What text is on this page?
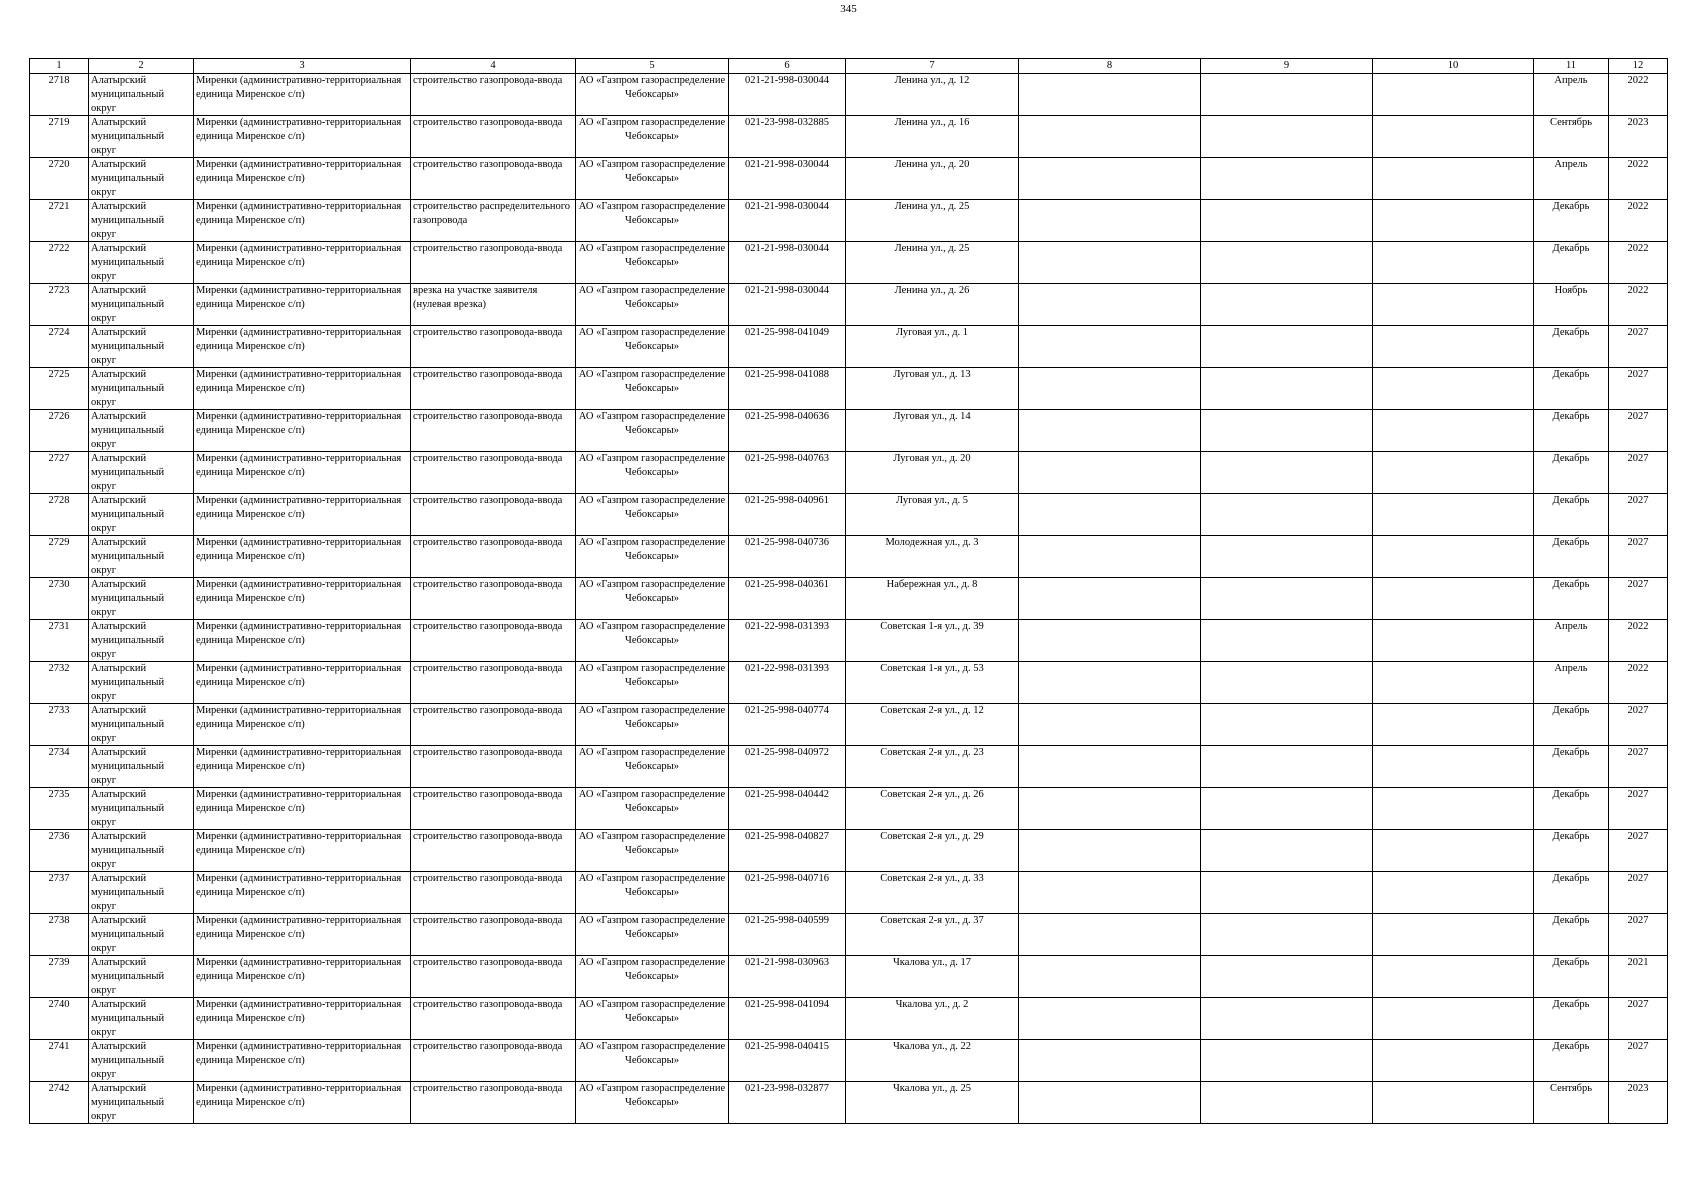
345
1	2	3	4	5	6	7	8	9	10	11	12

2718	Алатырский муниципальный округ	Миренки (административно-территориальная единица Миренское с/п)	строительство газопровода-ввода	АО «Газпром газораспределение Чебоксары»	021-21-998-030044	Ленина ул., д. 12				Апрель	2022

2719	Алатырский муниципальный округ	Миренки (административно-территориальная единица Миренское с/п)	строительство газопровода-ввода	АО «Газпром газораспределение Чебоксары»	021-23-998-032885	Ленина ул., д. 16				Сентябрь	2023

2720	Алатырский муниципальный округ	Миренки (административно-территориальная единица Миренское с/п)	строительство газопровода-ввода	АО «Газпром газораспределение Чебоксары»	021-21-998-030044	Ленина ул., д. 20				Апрель	2022

2721	Алатырский муниципальный округ	Миренки (административно-территориальная единица Миренское с/п)	строительство распределительного газопровода	АО «Газпром газораспределение Чебоксары»	021-21-998-030044	Ленина ул., д. 25				Декабрь	2022

2722	Алатырский муниципальный округ	Миренки (административно-территориальная единица Миренское с/п)	строительство газопровода-ввода	АО «Газпром газораспределение Чебоксары»	021-21-998-030044	Ленина ул., д. 25				Декабрь	2022

2723	Алатырский муниципальный округ	Миренки (административно-территориальная единица Миренское с/п)	врезка на участке заявителя (нулевая врезка)	АО «Газпром газораспределение Чебоксары»	021-21-998-030044	Ленина ул., д. 26				Ноябрь	2022

2724	Алатырский муниципальный округ	Миренки (административно-территориальная единица Миренское с/п)	строительство газопровода-ввода	АО «Газпром газораспределение Чебоксары»	021-25-998-041049	Луговая ул., д. 1				Декабрь	2027

2725	Алатырский муниципальный округ	Миренки (административно-территориальная единица Миренское с/п)	строительство газопровода-ввода	АО «Газпром газораспределение Чебоксары»	021-25-998-041088	Луговая ул., д. 13				Декабрь	2027

2726	Алатырский муниципальный округ	Миренки (административно-территориальная единица Миренское с/п)	строительство газопровода-ввода	АО «Газпром газораспределение Чебоксары»	021-25-998-040636	Луговая ул., д. 14				Декабрь	2027

2727	Алатырский муниципальный округ	Миренки (административно-территориальная единица Миренское с/п)	строительство газопровода-ввода	АО «Газпром газораспределение Чебоксары»	021-25-998-040763	Луговая ул., д. 20				Декабрь	2027

2728	Алатырский муниципальный округ	Миренки (административно-территориальная единица Миренское с/п)	строительство газопровода-ввода	АО «Газпром газораспределение Чебоксары»	021-25-998-040961	Луговая ул., д. 5				Декабрь	2027

2729	Алатырский муниципальный округ	Миренки (административно-территориальная единица Миренское с/п)	строительство газопровода-ввода	АО «Газпром газораспределение Чебоксары»	021-25-998-040736	Молодежная ул., д. 3				Декабрь	2027

2730	Алатырский муниципальный округ	Миренки (административно-территориальная единица Миренское с/п)	строительство газопровода-ввода	АО «Газпром газораспределение Чебоксары»	021-25-998-040361	Набережная ул., д. 8				Декабрь	2027

2731	Алатырский муниципальный округ	Миренки (административно-территориальная единица Миренское с/п)	строительство газопровода-ввода	АО «Газпром газораспределение Чебоксары»	021-22-998-031393	Советская 1-я ул., д. 39				Апрель	2022

2732	Алатырский муниципальный округ	Миренки (административно-территориальная единица Миренское с/п)	строительство газопровода-ввода	АО «Газпром газораспределение Чебоксары»	021-22-998-031393	Советская 1-я ул., д. 53				Апрель	2022

2733	Алатырский муниципальный округ	Миренки (административно-территориальная единица Миренское с/п)	строительство газопровода-ввода	АО «Газпром газораспределение Чебоксары»	021-25-998-040774	Советская 2-я ул., д. 12				Декабрь	2027

2734	Алатырский муниципальный округ	Миренки (административно-территориальная единица Миренское с/п)	строительство газопровода-ввода	АО «Газпром газораспределение Чебоксары»	021-25-998-040972	Советская 2-я ул., д. 23				Декабрь	2027

2735	Алатырский муниципальный округ	Миренки (административно-территориальная единица Миренское с/п)	строительство газопровода-ввода	АО «Газпром газораспределение Чебоксары»	021-25-998-040442	Советская 2-я ул., д. 26				Декабрь	2027

2736	Алатырский муниципальный округ	Миренки (административно-территориальная единица Миренское с/п)	строительство газопровода-ввода	АО «Газпром газораспределение Чебоксары»	021-25-998-040827	Советская 2-я ул., д. 29				Декабрь	2027

2737	Алатырский муниципальный округ	Миренки (административно-территориальная единица Миренское с/п)	строительство газопровода-ввода	АО «Газпром газораспределение Чебоксары»	021-25-998-040716	Советская 2-я ул., д. 33				Декабрь	2027

2738	Алатырский муниципальный округ	Миренки (административно-территориальная единица Миренское с/п)	строительство газопровода-ввода	АО «Газпром газораспределение Чебоксары»	021-25-998-040599	Советская 2-я ул., д. 37				Декабрь	2027

2739	Алатырский муниципальный округ	Миренки (административно-территориальная единица Миренское с/п)	строительство газопровода-ввода	АО «Газпром газораспределение Чебоксары»	021-21-998-030963	Чкалова ул., д. 17				Декабрь	2021

2740	Алатырский муниципальный округ	Миренки (административно-территориальная единица Миренское с/п)	строительство газопровода-ввода	АО «Газпром газораспределение Чебоксары»	021-25-998-041094	Чкалова ул., д. 2				Декабрь	2027

2741	Алатырский муниципальный округ	Миренки (административно-территориальная единица Миренское с/п)	строительство газопровода-ввода	АО «Газпром газораспределение Чебоксары»	021-25-998-040415	Чкалова ул., д. 22				Декабрь	2027

2742	Алатырский муниципальный округ	Миренки (административно-территориальная единица Миренское с/п)	строительство газопровода-ввода	АО «Газпром газораспределение Чебоксары»	021-23-998-032877	Чкалова ул., д. 25				Сентябрь	2023
